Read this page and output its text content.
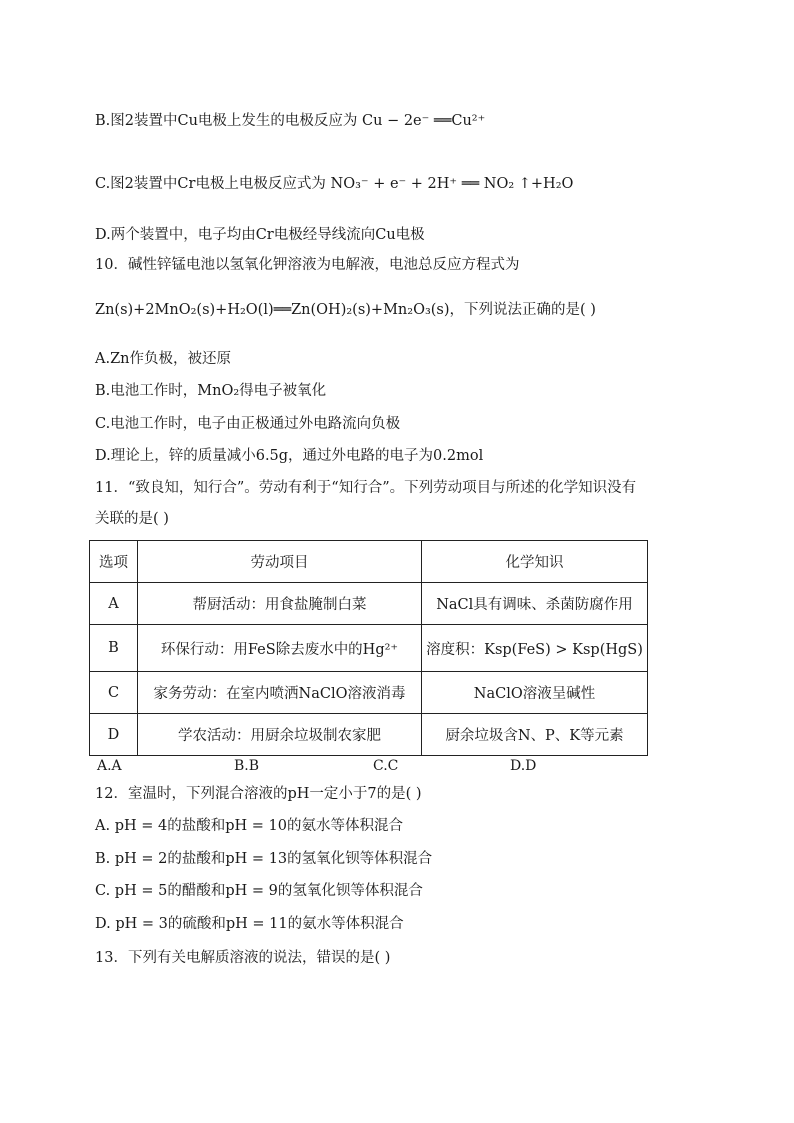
B.图2装置中Cu电极上发生的电极反应为 Cu − 2e⁻ ══Cu²⁺
C.图2装置中Cr电极上电极反应式为 NO₃⁻ + e⁻ + 2H⁺ ══ NO₂ ↑+H₂O
D.两个装置中，电子均由Cr电极经导线流向Cu电极
10．碱性锌锰电池以氢氧化钾溶液为电解液，电池总反应方程式为
Zn(s)+2MnO₂(s)+H₂O(l)══Zn(OH)₂(s)+Mn₂O₃(s)，下列说法正确的是( )
A.Zn作负极，被还原
B.电池工作时，MnO₂得电子被氧化
C.电池工作时，电子由正极通过外电路流向负极
D.理论上，锌的质量减小6.5g，通过外电路的电子为0.2mol
11．“致良知，知行合”。劳动有利于“知行合”。下列劳动项目与所述的化学知识没有
关联的是( )
选项	劳动项目	化学知识
A	帮厨活动：用食盐腌制白菜	NaCl具有调味、杀菌防腐作用
B	环保行动：用FeS除去废水中的Hg²⁺	溶度积：Ksp(FeS) > Ksp(HgS)
C	家务劳动：在室内喷洒NaClO溶液消毒	NaClO溶液呈碱性
D	学农活动：用厨余垃圾制农家肥	厨余垃圾含N、P、K等元素
A.A	B.B	C.C	D.D
12．室温时，下列混合溶液的pH一定小于7的是( )
A. pH = 4的盐酸和pH = 10的氨水等体积混合
B. pH = 2的盐酸和pH = 13的氢氧化钡等体积混合
C. pH = 5的醋酸和pH = 9的氢氧化钡等体积混合
D. pH = 3的硫酸和pH = 11的氨水等体积混合
13．下列有关电解质溶液的说法，错误的是( )
